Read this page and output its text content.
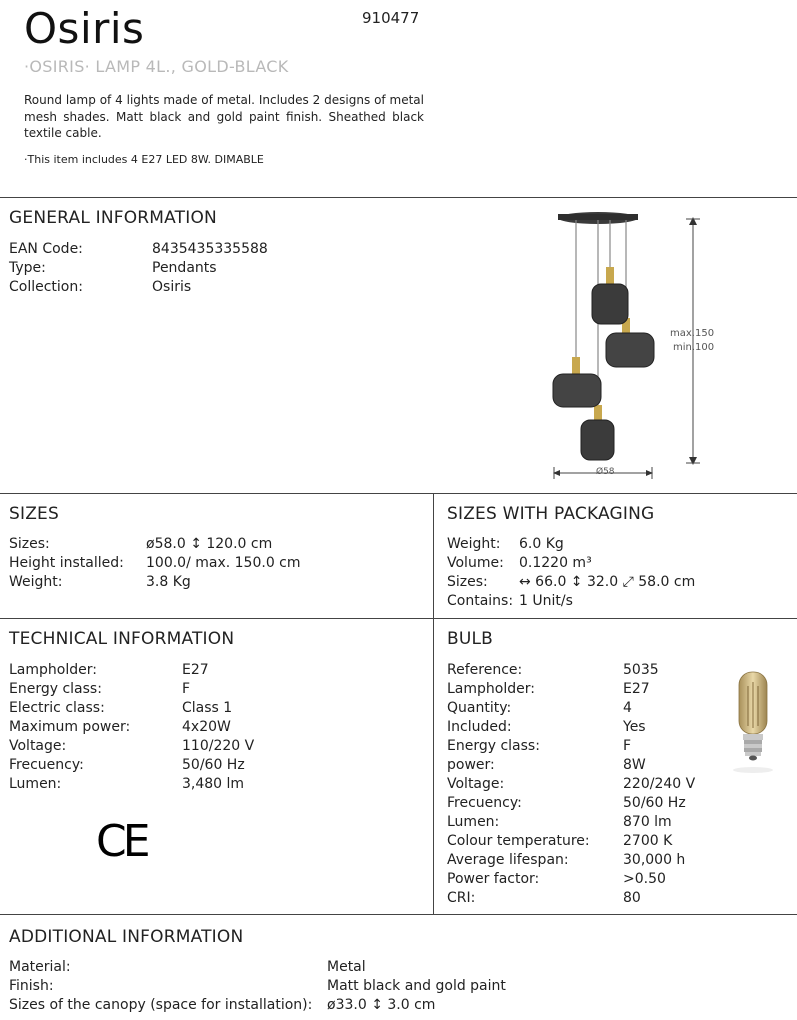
Osiris	910477
·OSIRIS· LAMP 4L., GOLD-BLACK
Round lamp of 4 lights made of metal. Includes 2 designs of metal mesh shades. Matt black and gold paint finish. Sheathed black textile cable.
·This item includes 4 E27 LED 8W. DIMABLE
GENERAL INFORMATION
EAN Code:	8435435335588
Type:	Pendants
Collection:	Osiris
max.150
min.100
Ø58
SIZES
Sizes:	ø58.0 ↕ 120.0 cm
Height installed: 100.0/ max. 150.0 cm
Weight:	3.8 Kg
SIZES WITH PACKAGING
Weight: 6.0 Kg
Volume: 0.1220 m³
Sizes: ↔ 66.0 ↕ 32.0 ⤢ 58.0 cm
Contains: 1 Unit/s
TECHNICAL INFORMATION
Lampholder:	E27
Energy class:	F
Electric class:	Class 1
Maximum power:	4x20W
Voltage:	110/220 V
Frecuency:	50/60 Hz
Lumen:	3,480 lm
CE
BULB
Reference:	5035
Lampholder:	E27
Quantity:	4
Included:	Yes
Energy class:	F
power:	8W
Voltage:	220/240 V
Frecuency:	50/60 Hz
Lumen:	870 lm
Colour temperature: 2700 K
Average lifespan:	30,000 h
Power factor:	>0.50
CRI:	80
ADDITIONAL INFORMATION
Material:	Metal
Finish:	Matt black and gold paint
Sizes of the canopy (space for installation): ø33.0 ↕ 3.0 cm
